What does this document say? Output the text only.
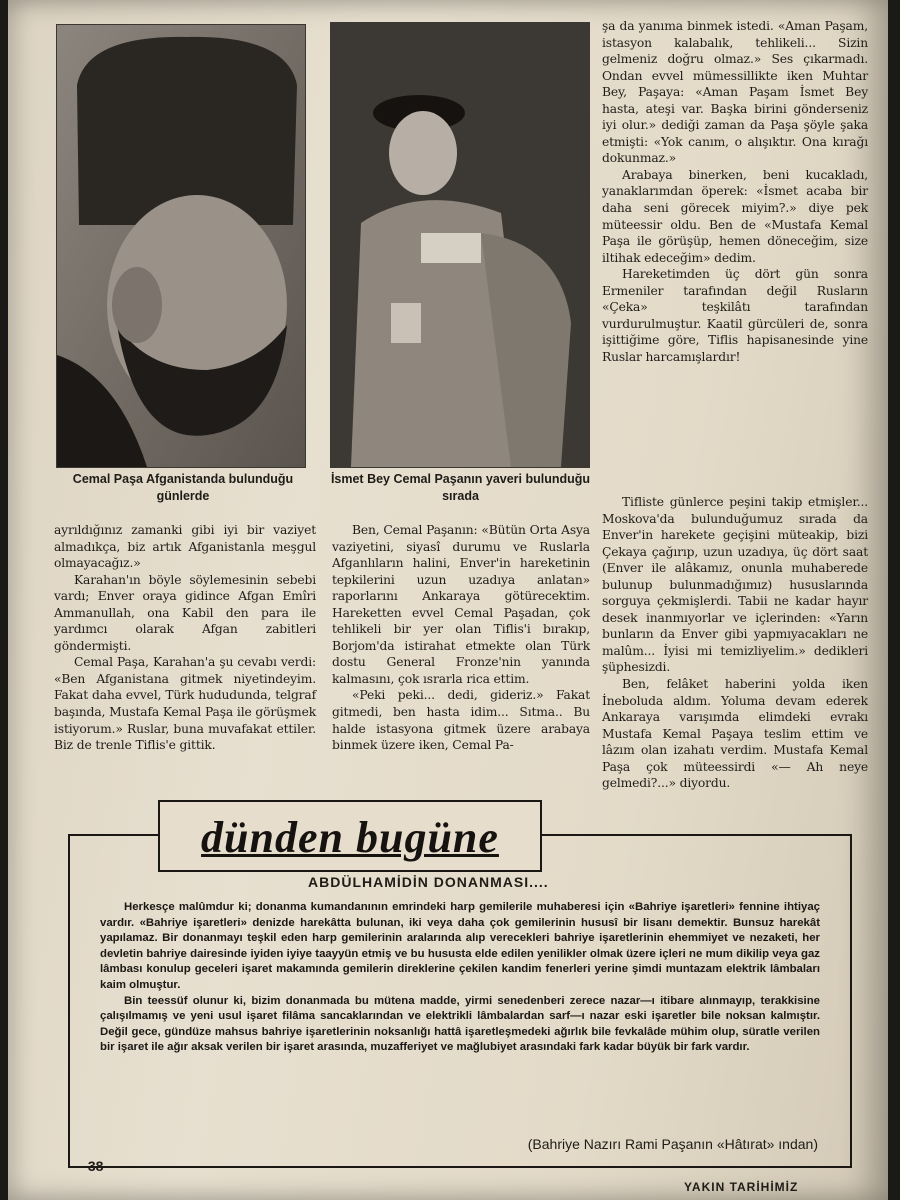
Cemal Paşa Afganistanda bulunduğu günlerde
İsmet Bey Cemal Paşanın yaveri bulunduğu sırada

şa da yanıma binmek istedi. «Aman Paşam, istasyon kalabalık, tehlikeli... Sizin gelmeniz doğru olmaz.» Ses çıkarmadı. Ondan evvel mümessillikte iken Muhtar Bey, Paşaya: «Aman Paşam İsmet Bey hasta, ateşi var. Başka birini gönderseniz iyi olur.» dediği zaman da Paşa şöyle şaka etmişti: «Yok canım, o alışıktır. Ona kırağı dokunmaz.»

Arabaya binerken, beni kucakladı, yanaklarımdan öperek: «İsmet acaba bir daha seni görecek miyim?.» diye pek müteessir oldu. Ben de «Mustafa Kemal Paşa ile görüşüp, hemen döneceğim, size iltihak edeceğim» dedim.

Hareketimden üç dört gün sonra Ermeniler tarafından değil Rusların «Çeka» teşkilâtı tarafından vurdurulmuştur. Kaatil gürcüleri de, sonra işittiğime göre, Tiflis hapisanesinde yine Ruslar harcamışlardır!

ayrıldığınız zamanki gibi iyi bir vaziyet almadıkça, biz artık Afganistanla meşgul olmayacağız.»

Karahan'ın böyle söylemesinin sebebi vardı; Enver oraya gidince Afgan Emîri Ammanullah, ona Kabil den para ile yardımcı olarak Afgan zabitleri göndermişti.

Cemal Paşa, Karahan'a şu cevabı verdi: «Ben Afganistana gitmek niyetindeyim. Fakat daha evvel, Türk hududunda, telgraf başında, Mustafa Kemal Paşa ile görüşmek istiyorum.» Ruslar, buna muvafakat ettiler. Biz de trenle Tiflis'e gittik.

Ben, Cemal Paşanın: «Bütün Orta Asya vaziyetini, siyasî durumu ve Ruslarla Afganlıların halini, Enver'in hareketinin tepkilerini uzun uzadıya anlatan» raporlarını Ankaraya götürecektim. Hareketten evvel Cemal Paşadan, çok tehlikeli bir yer olan Tiflis'i bırakıp, Borjom'da istirahat etmekte olan Türk dostu General Fronze'nin yanında kalmasını, çok ısrarla rica ettim.

«Peki peki... dedi, gideriz.» Fakat gitmedi, ben hasta idim... Sıtma.. Bu halde istasyona gitmek üzere arabaya binmek üzere iken, Cemal Pa-

Tifliste günlerce peşini takip etmişler... Moskova'da bulunduğumuz sırada da Enver'in harekete geçişini müteakip, bizi Çekaya çağırıp, uzun uzadıya, üç dört saat (Enver ile alâkamız, onunla muhaberede bulunup bulunmadığımız) hususlarında sorguya çekmişlerdi. Tabii ne kadar hayır desek inanmıyorlar ve içlerinden: «Yarın bunların da Enver gibi yapmıyacakları ne malûm... İyisi mi temizliyelim.» dedikleri şüphesizdi.

Ben, felâket haberini yolda iken İneboluda aldım. Yoluma devam ederek Ankaraya varışımda elimdeki evrakı Mustafa Kemal Paşaya teslim ettim ve lâzım olan izahatı verdim. Mustafa Kemal Paşa çok müteessirdi «— Ah neye gelmedi?...» diyordu.

dünden bugüne
ABDÜLHAMİDİN DONANMASI....

Herkesçe malûmdur ki; donanma kumandanının emrindeki harp gemilerile muhaberesi için «Bahriye işaretleri» fennine ihtiyaç vardır. «Bahriye işaretleri» denizde harekâtta bulunan, iki veya daha çok gemilerinin hususî bir lisanı demektir. Bunsuz harekât yapılamaz. Bir donanmayı teşkil eden harp gemilerinin aralarında alıp verecekleri bahriye işaretlerinin ehemmiyet ve nezaketi, her devletin bahriye dairesinde iyiden iyiye taayyün etmiş ve bu hususta elde edilen yenilikler olmak üzere içleri ne mum dikilip veya gaz lâmbası konulup geceleri işaret makamında gemilerin direklerine çekilen kandim fenerleri yerine şimdi muntazam elektrik lâmbaları kaim olmuştur.

Bin teessüf olunur ki, bizim donanmada bu mütena madde, yirmi senedenberi zerece nazar—ı itibare alınmayıp, terakkisine çalışılmamış ve yeni usul işaret filâma sancaklarından ve elektrikli lâmbalardan sarf—ı nazar eski işaretler bile noksan kalmıştır. Değil gece, gündüze mahsus bahriye işaretlerinin noksanlığı hattâ işaretleşmedeki ağırlık bile fevkalâde mühim olup, süratle verilen bir işaret ile ağır aksak verilen bir işaret arasında, muzafferiyet ve mağlubiyet arasındaki fark kadar büyük bir fark vardır.

(Bahriye Nazırı Rami Paşanın «Hâtırat» ından)
— 38 —
YAKIN TARİHİMİZ
